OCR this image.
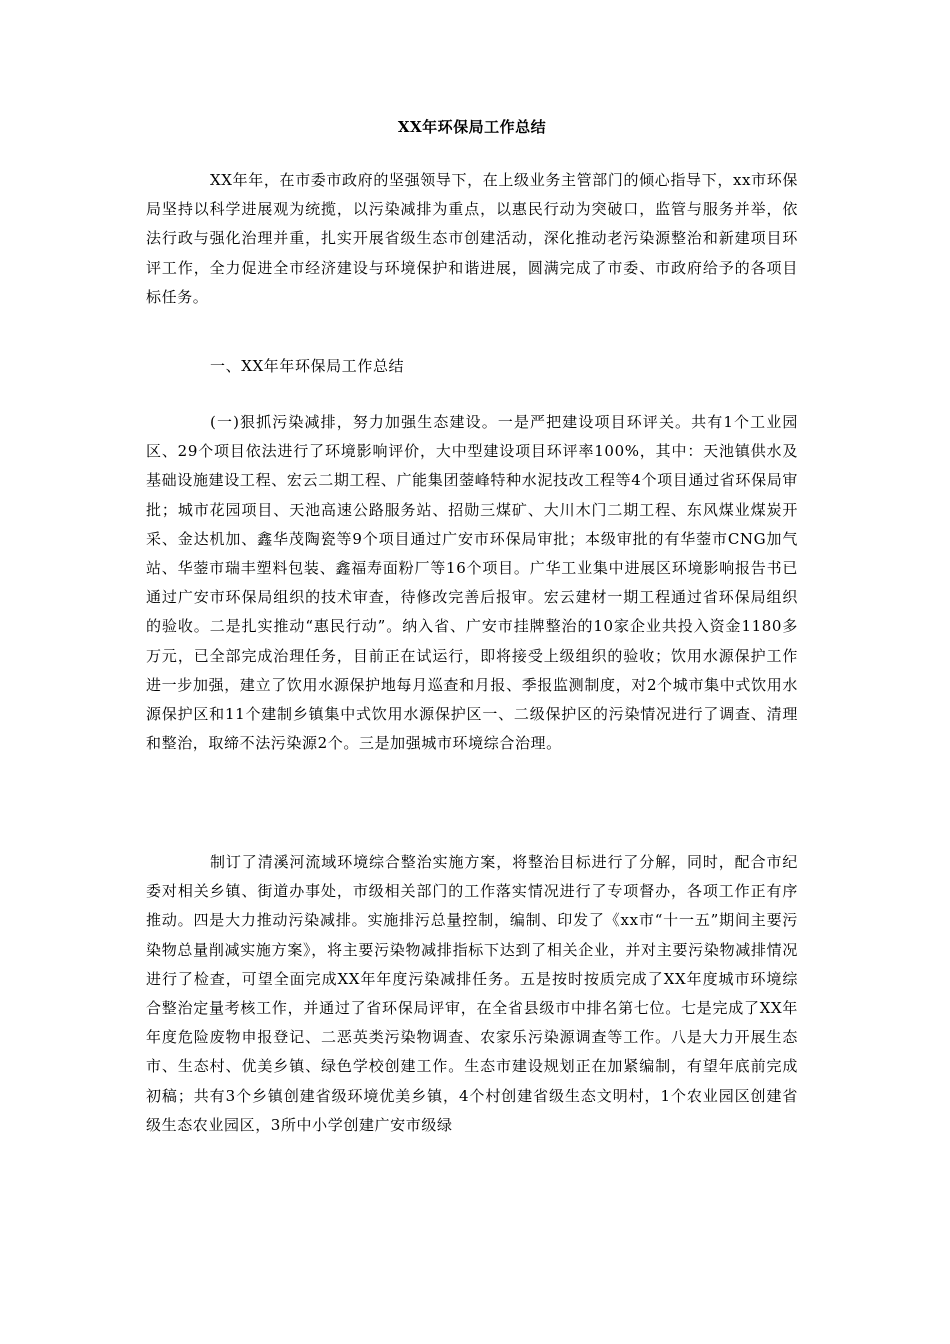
XX年环保局工作总结

XX年年，在市委市政府的坚强领导下，在上级业务主管部门的倾心指导下，xx市环保局坚持以科学进展观为统揽，以污染减排为重点，以惠民行动为突破口，监管与服务并举，依法行政与强化治理并重，扎实开展省级生态市创建活动，深化推动老污染源整治和新建项目环评工作，全力促进全市经济建设与环境保护和谐进展，圆满完成了市委、市政府给予的各项目标任务。

一、XX年年环保局工作总结

(一)狠抓污染减排，努力加强生态建设。一是严把建设项目环评关。共有1个工业园区、29个项目依法进行了环境影响评价，大中型建设项目环评率100%，其中：天池镇供水及基础设施建设工程、宏云二期工程、广能集团蓥峰特种水泥技改工程等4个项目通过省环保局审批；城市花园项目、天池高速公路服务站、招勋三煤矿、大川木门二期工程、东风煤业煤炭开采、金达机加、鑫华茂陶瓷等9个项目通过广安市环保局审批；本级审批的有华蓥市CNG加气站、华蓥市瑞丰塑料包装、鑫福寿面粉厂等16个项目。广华工业集中进展区环境影响报告书已通过广安市环保局组织的技术审查，待修改完善后报审。宏云建材一期工程通过省环保局组织的验收。二是扎实推动“惠民行动”。纳入省、广安市挂牌整治的10家企业共投入资金1180多万元，已全部完成治理任务，目前正在试运行，即将接受上级组织的验收；饮用水源保护工作进一步加强，建立了饮用水源保护地每月巡查和月报、季报监测制度，对2个城市集中式饮用水源保护区和11个建制乡镇集中式饮用水源保护区一、二级保护区的污染情况进行了调查、清理和整治，取缔不法污染源2个。三是加强城市环境综合治理。

制订了清溪河流域环境综合整治实施方案，将整治目标进行了分解，同时，配合市纪委对相关乡镇、街道办事处，市级相关部门的工作落实情况进行了专项督办，各项工作正有序推动。四是大力推动污染减排。实施排污总量控制，编制、印发了《xx市“十一五”期间主要污染物总量削减实施方案》，将主要污染物减排指标下达到了相关企业，并对主要污染物减排情况进行了检查，可望全面完成XX年年度污染减排任务。五是按时按质完成了XX年度城市环境综合整治定量考核工作，并通过了省环保局评审，在全省县级市中排名第七位。七是完成了XX年年度危险废物申报登记、二恶英类污染物调查、农家乐污染源调查等工作。八是大力开展生态市、生态村、优美乡镇、绿色学校创建工作。生态市建设规划正在加紧编制，有望年底前完成初稿；共有3个乡镇创建省级环境优美乡镇，4个村创建省级生态文明村，1个农业园区创建省级生态农业园区，3所中小学创建广安市级绿
